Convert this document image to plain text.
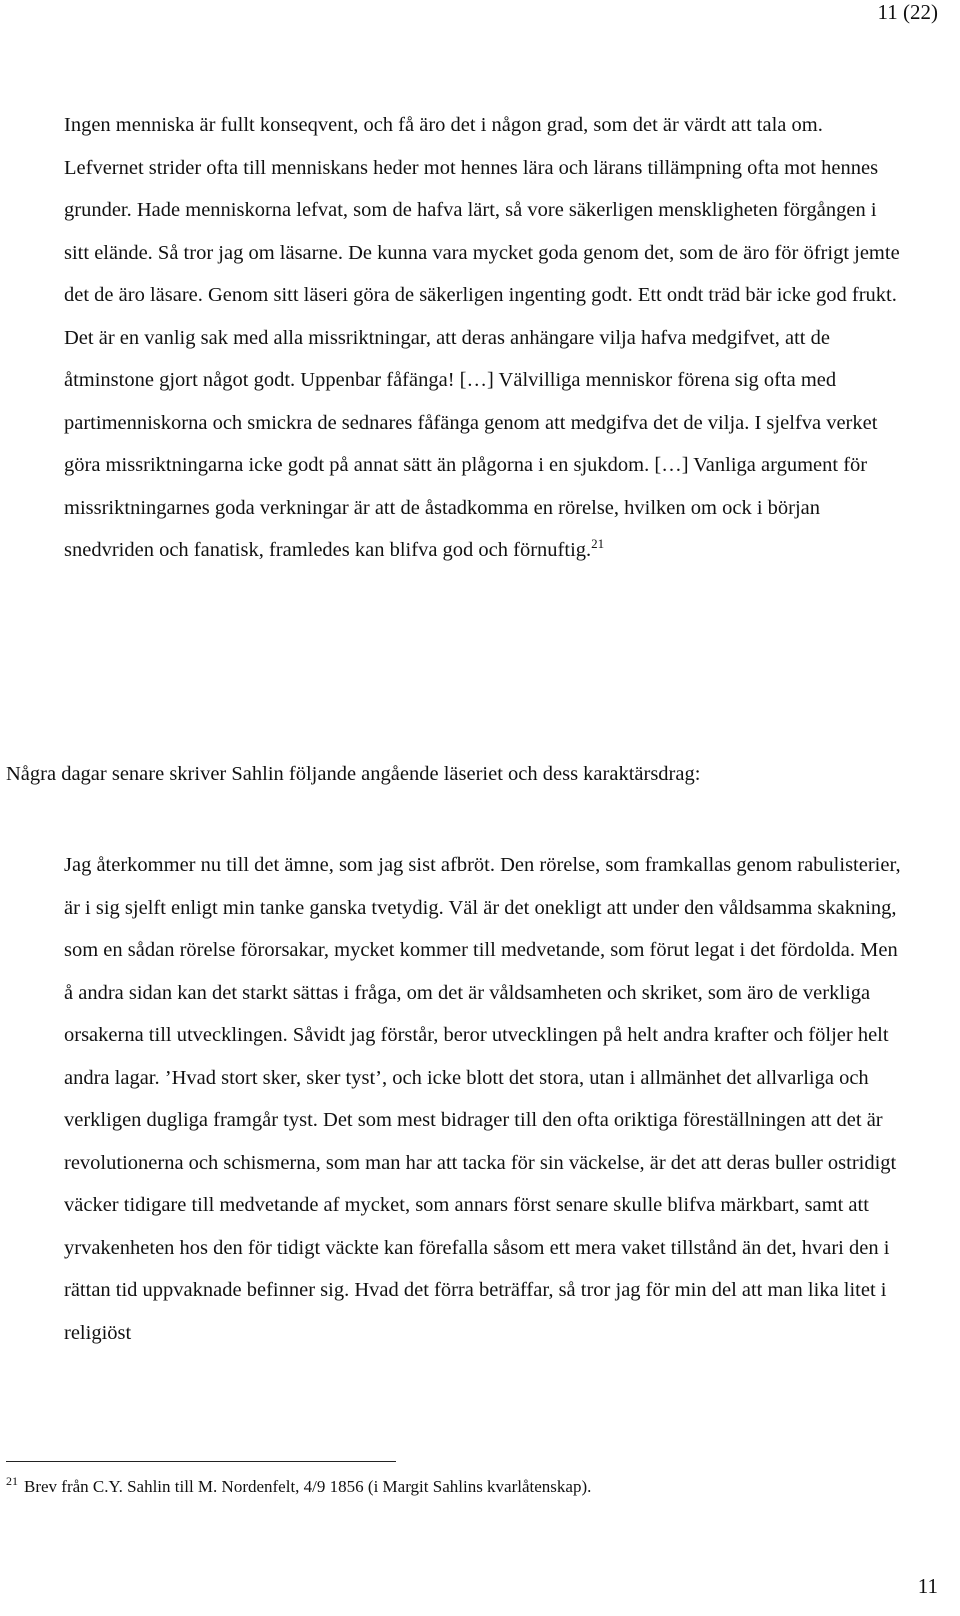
11 (22)

Ingen menniska är fullt konseqvent, och få äro det i någon grad, som det är värdt att tala om. Lefvernet strider ofta till menniskans heder mot hennes lära och lärans tillämpning ofta mot hennes grunder. Hade menniskorna lefvat, som de hafva lärt, så vore säkerligen menskligheten förgången i sitt elände. Så tror jag om läsarne. De kunna vara mycket goda genom det, som de äro för öfrigt jemte det de äro läsare. Genom sitt läseri göra de säkerligen ingenting godt. Ett ondt träd bär icke god frukt. Det är en vanlig sak med alla missriktningar, att deras anhängare vilja hafva medgifvet, att de åtminstone gjort något godt. Uppenbar fåfänga! […] Välvilliga menniskor förena sig ofta med partimenniskorna och smickra de sednares fåfänga genom att medgifva det de vilja. I sjelfva verket göra missriktningarna icke godt på annat sätt än plågorna i en sjukdom. […] Vanliga argument för missriktningarnes goda verkningar är att de åstadkomma en rörelse, hvilken om ock i början snedvriden och fanatisk, framledes kan blifva god och förnuftig.$^{21}$

Några dagar senare skriver Sahlin följande angående läseriet och dess karaktärsdrag:

Jag återkommer nu till det ämne, som jag sist afbröt. Den rörelse, som framkallas genom rabulisterier, är i sig sjelft enligt min tanke ganska tvetydig. Väl är det onekligt att under den våldsamma skakning, som en sådan rörelse förorsakar, mycket kommer till medvetande, som förut legat i det fördolda. Men å andra sidan kan det starkt sättas i fråga, om det är våldsamheten och skriket, som äro de verkliga orsakerna till utvecklingen. Såvidt jag förstår, beror utvecklingen på helt andra krafter och följer helt andra lagar. ’Hvad stort sker, sker tyst’, och icke blott det stora, utan i allmänhet det allvarliga och verkligen dugliga framgår tyst. Det som mest bidrager till den ofta oriktiga föreställningen att det är revolutionerna och schismerna, som man har att tacka för sin väckelse, är det att deras buller ostridigt väcker tidigare till medvetande af mycket, som annars först senare skulle blifva märkbart, samt att yrvakenheten hos den för tidigt väckte kan förefalla såsom ett mera vaket tillstånd än det, hvari den i rättan tid uppvaknade befinner sig. Hvad det förra beträffar, så tror jag för min del att man lika litet i religiöst

$^{21}$ Brev från C.Y. Sahlin till M. Nordenfelt, 4/9 1856 (i Margit Sahlins kvarlåtenskap).

11
